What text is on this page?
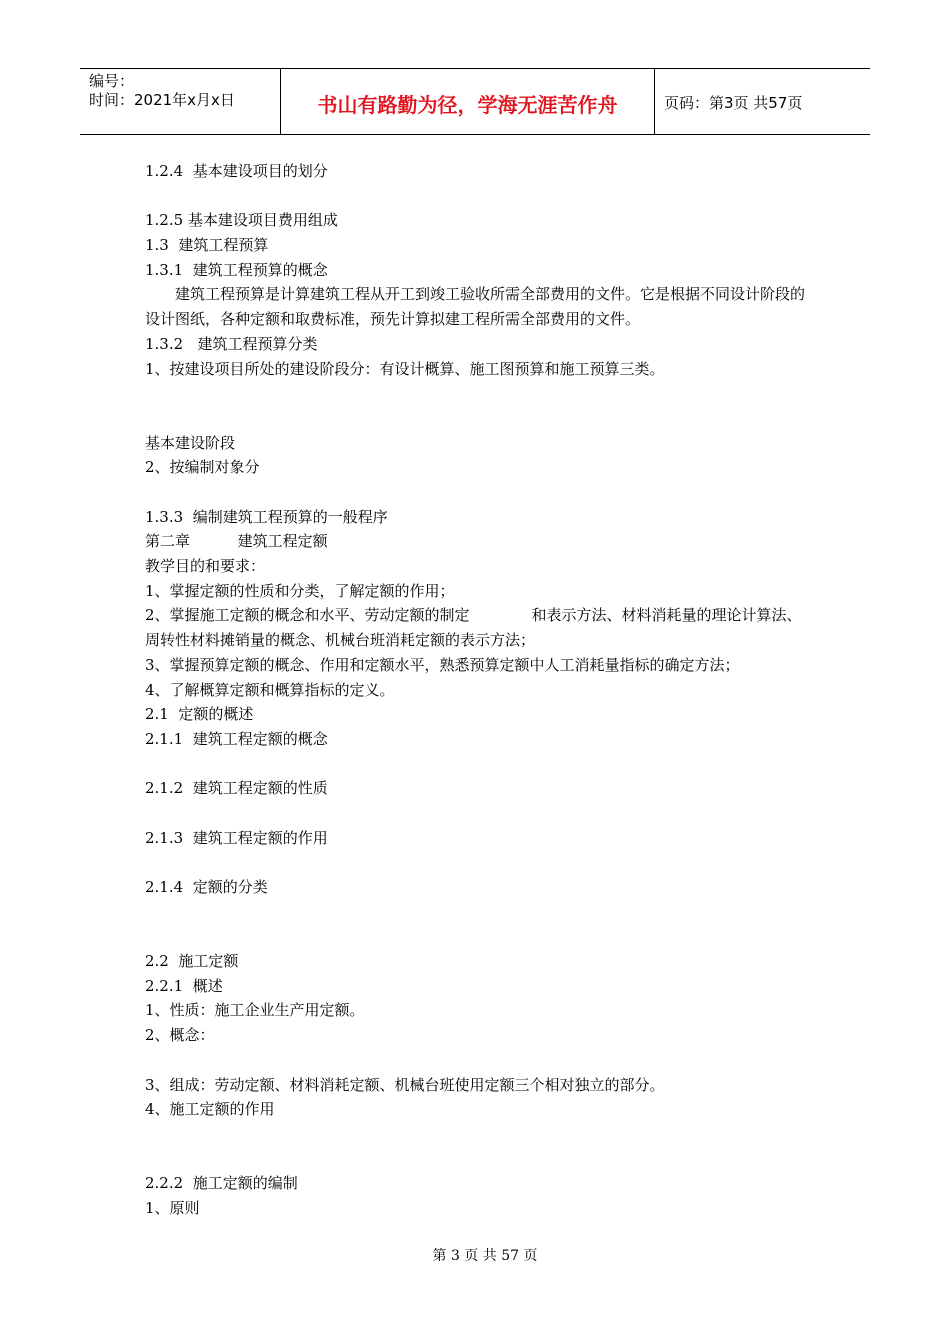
编号：
时间：2021年x月x日	书山有路勤为径，学海无涯苦作舟	页码：第3页 共57页
1.2.4  基本建设项目的划分
1.2.5 基本建设项目费用组成
1.3  建筑工程预算
1.3.1  建筑工程预算的概念
建筑工程预算是计算建筑工程从开工到竣工验收所需全部费用的文件。它是根据不同设计阶段的设计图纸，各种定额和取费标准，预先计算拟建工程所需全部费用的文件。
1.3.2   建筑工程预算分类
1、按建设项目所处的建设阶段分：有设计概算、施工图预算和施工预算三类。
基本建设阶段
2、按编制对象分
1.3.3  编制建筑工程预算的一般程序
第二章          建筑工程定额
教学目的和要求：
1、掌握定额的性质和分类，了解定额的作用；
2、掌握施工定额的概念和水平、劳动定额的制定             和表示方法、材料消耗量的理论计算法、周转性材料摊销量的概念、机械台班消耗定额的表示方法；
3、掌握预算定额的概念、作用和定额水平，熟悉预算定额中人工消耗量指标的确定方法；
4、了解概算定额和概算指标的定义。
2.1  定额的概述
2.1.1  建筑工程定额的概念
2.1.2  建筑工程定额的性质
2.1.3  建筑工程定额的作用
2.1.4  定额的分类
2.2  施工定额
2.2.1  概述
1、性质：施工企业生产用定额。
2、概念：
3、组成：劳动定额、材料消耗定额、机械台班使用定额三个相对独立的部分。
4、施工定额的作用
2.2.2  施工定额的编制
1、原则
第 3 页 共 57 页
